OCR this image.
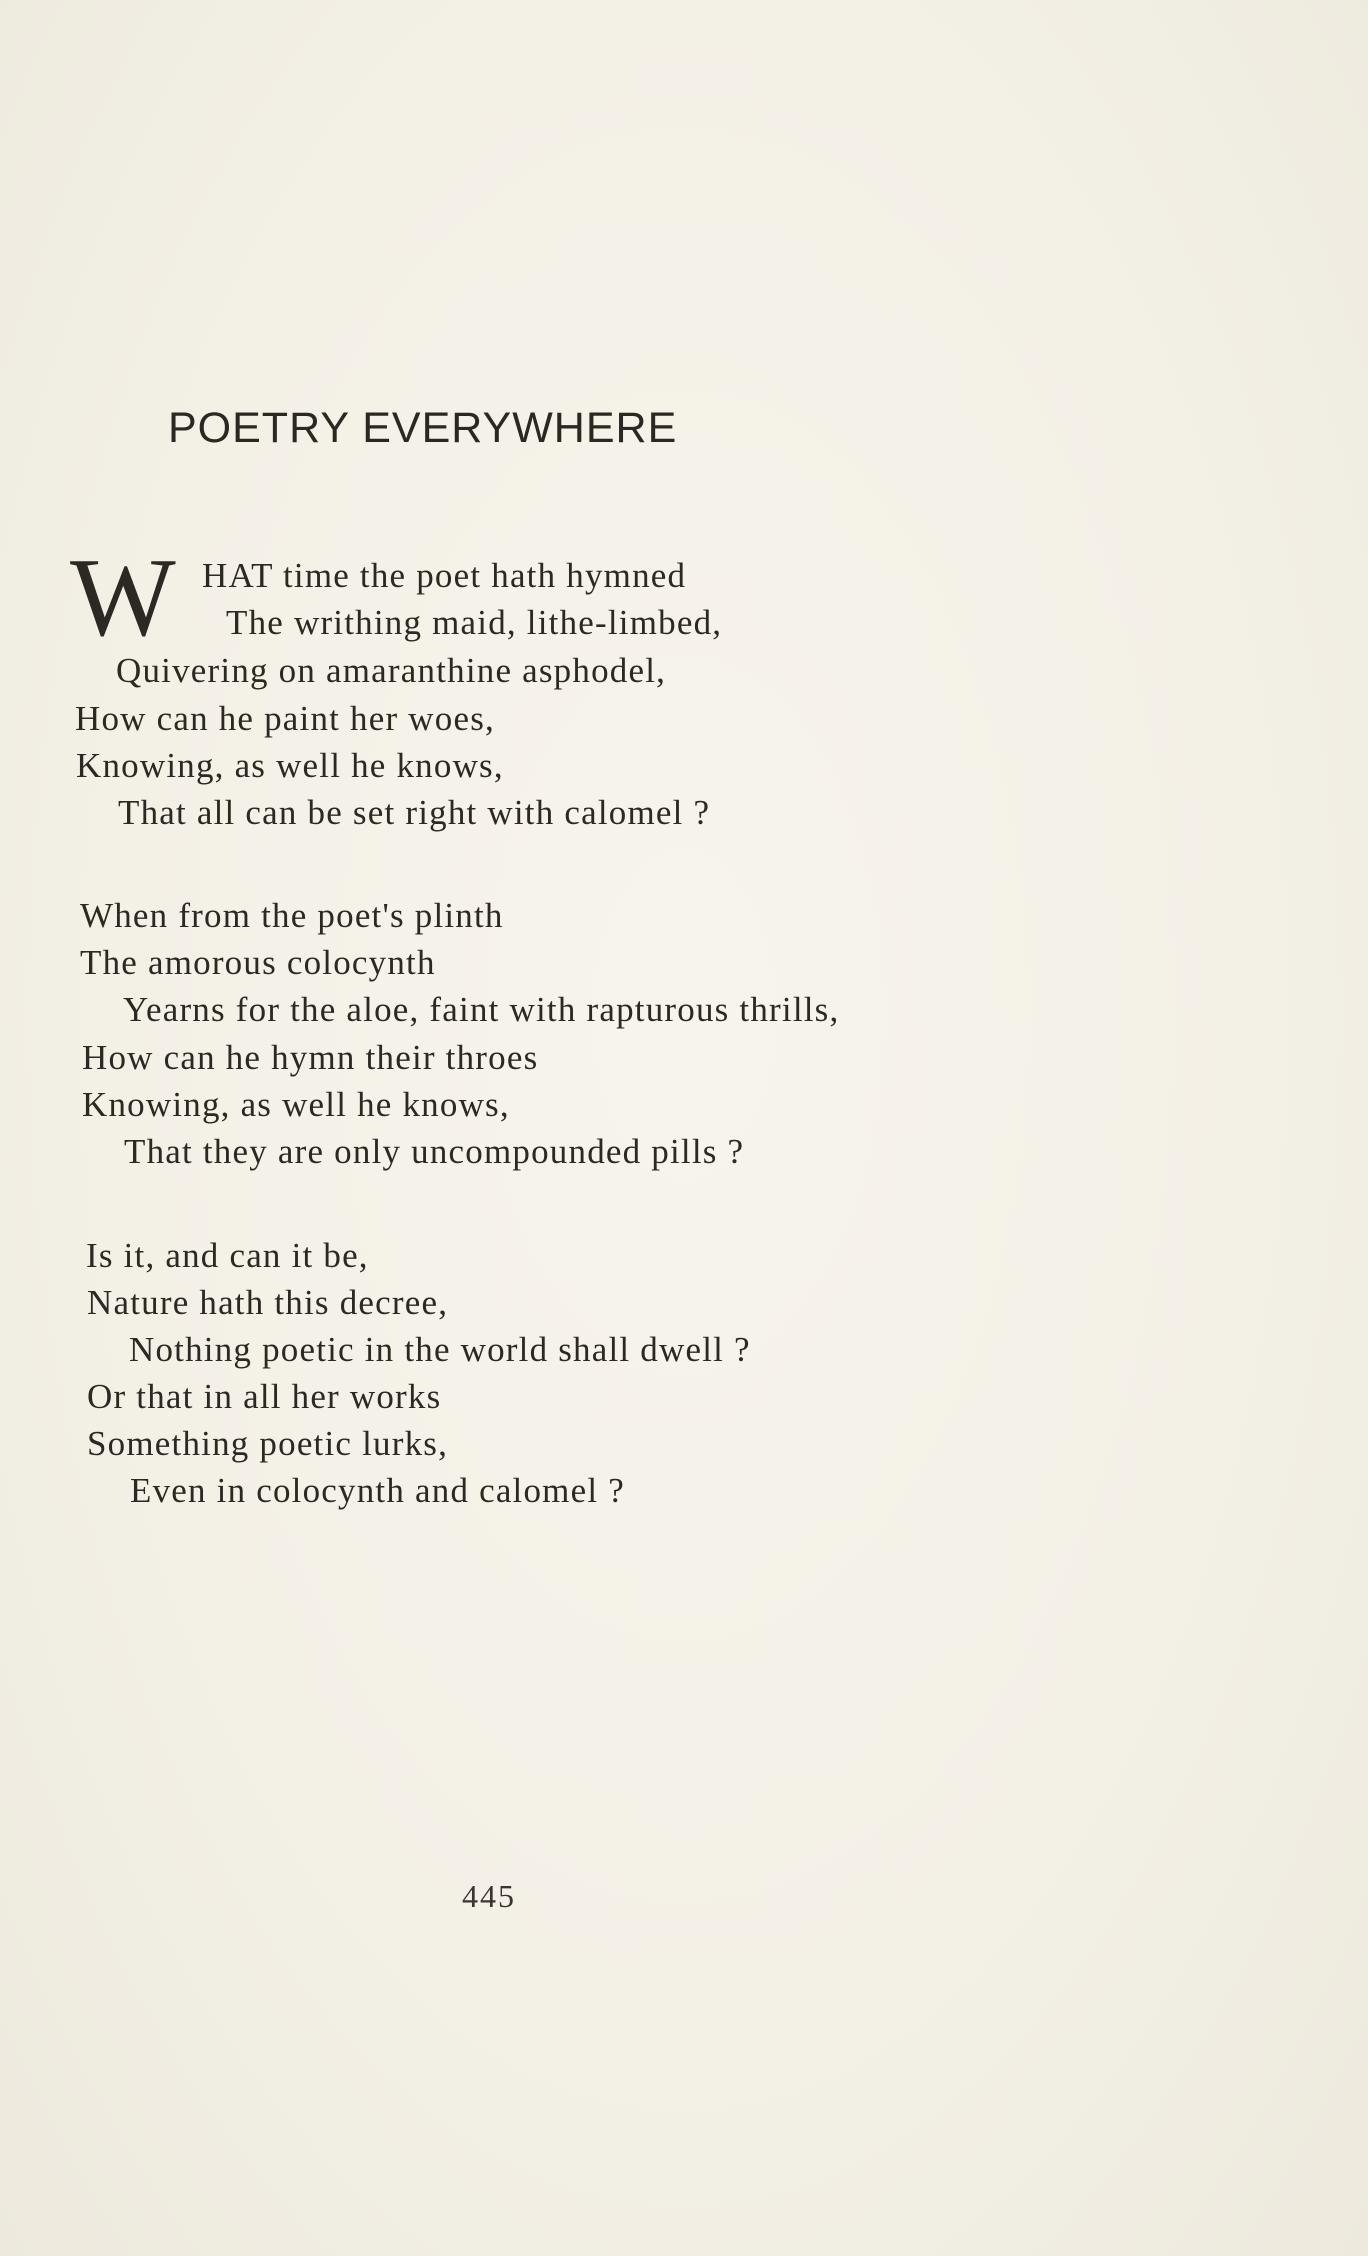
POETRY EVERYWHERE
W HAT time the poet hath hymned
The writhing maid, lithe-limbed,
Quivering on amaranthine asphodel,
How can he paint her woes,
Knowing, as well he knows,
That all can be set right with calomel ?
When from the poet's plinth
The amorous colocynth
Yearns for the aloe, faint with rapturous thrills,
How can he hymn their throes
Knowing, as well he knows,
That they are only uncompounded pills ?
Is it, and can it be,
Nature hath this decree,
Nothing poetic in the world shall dwell ?
Or that in all her works
Something poetic lurks,
Even in colocynth and calomel ?
445
